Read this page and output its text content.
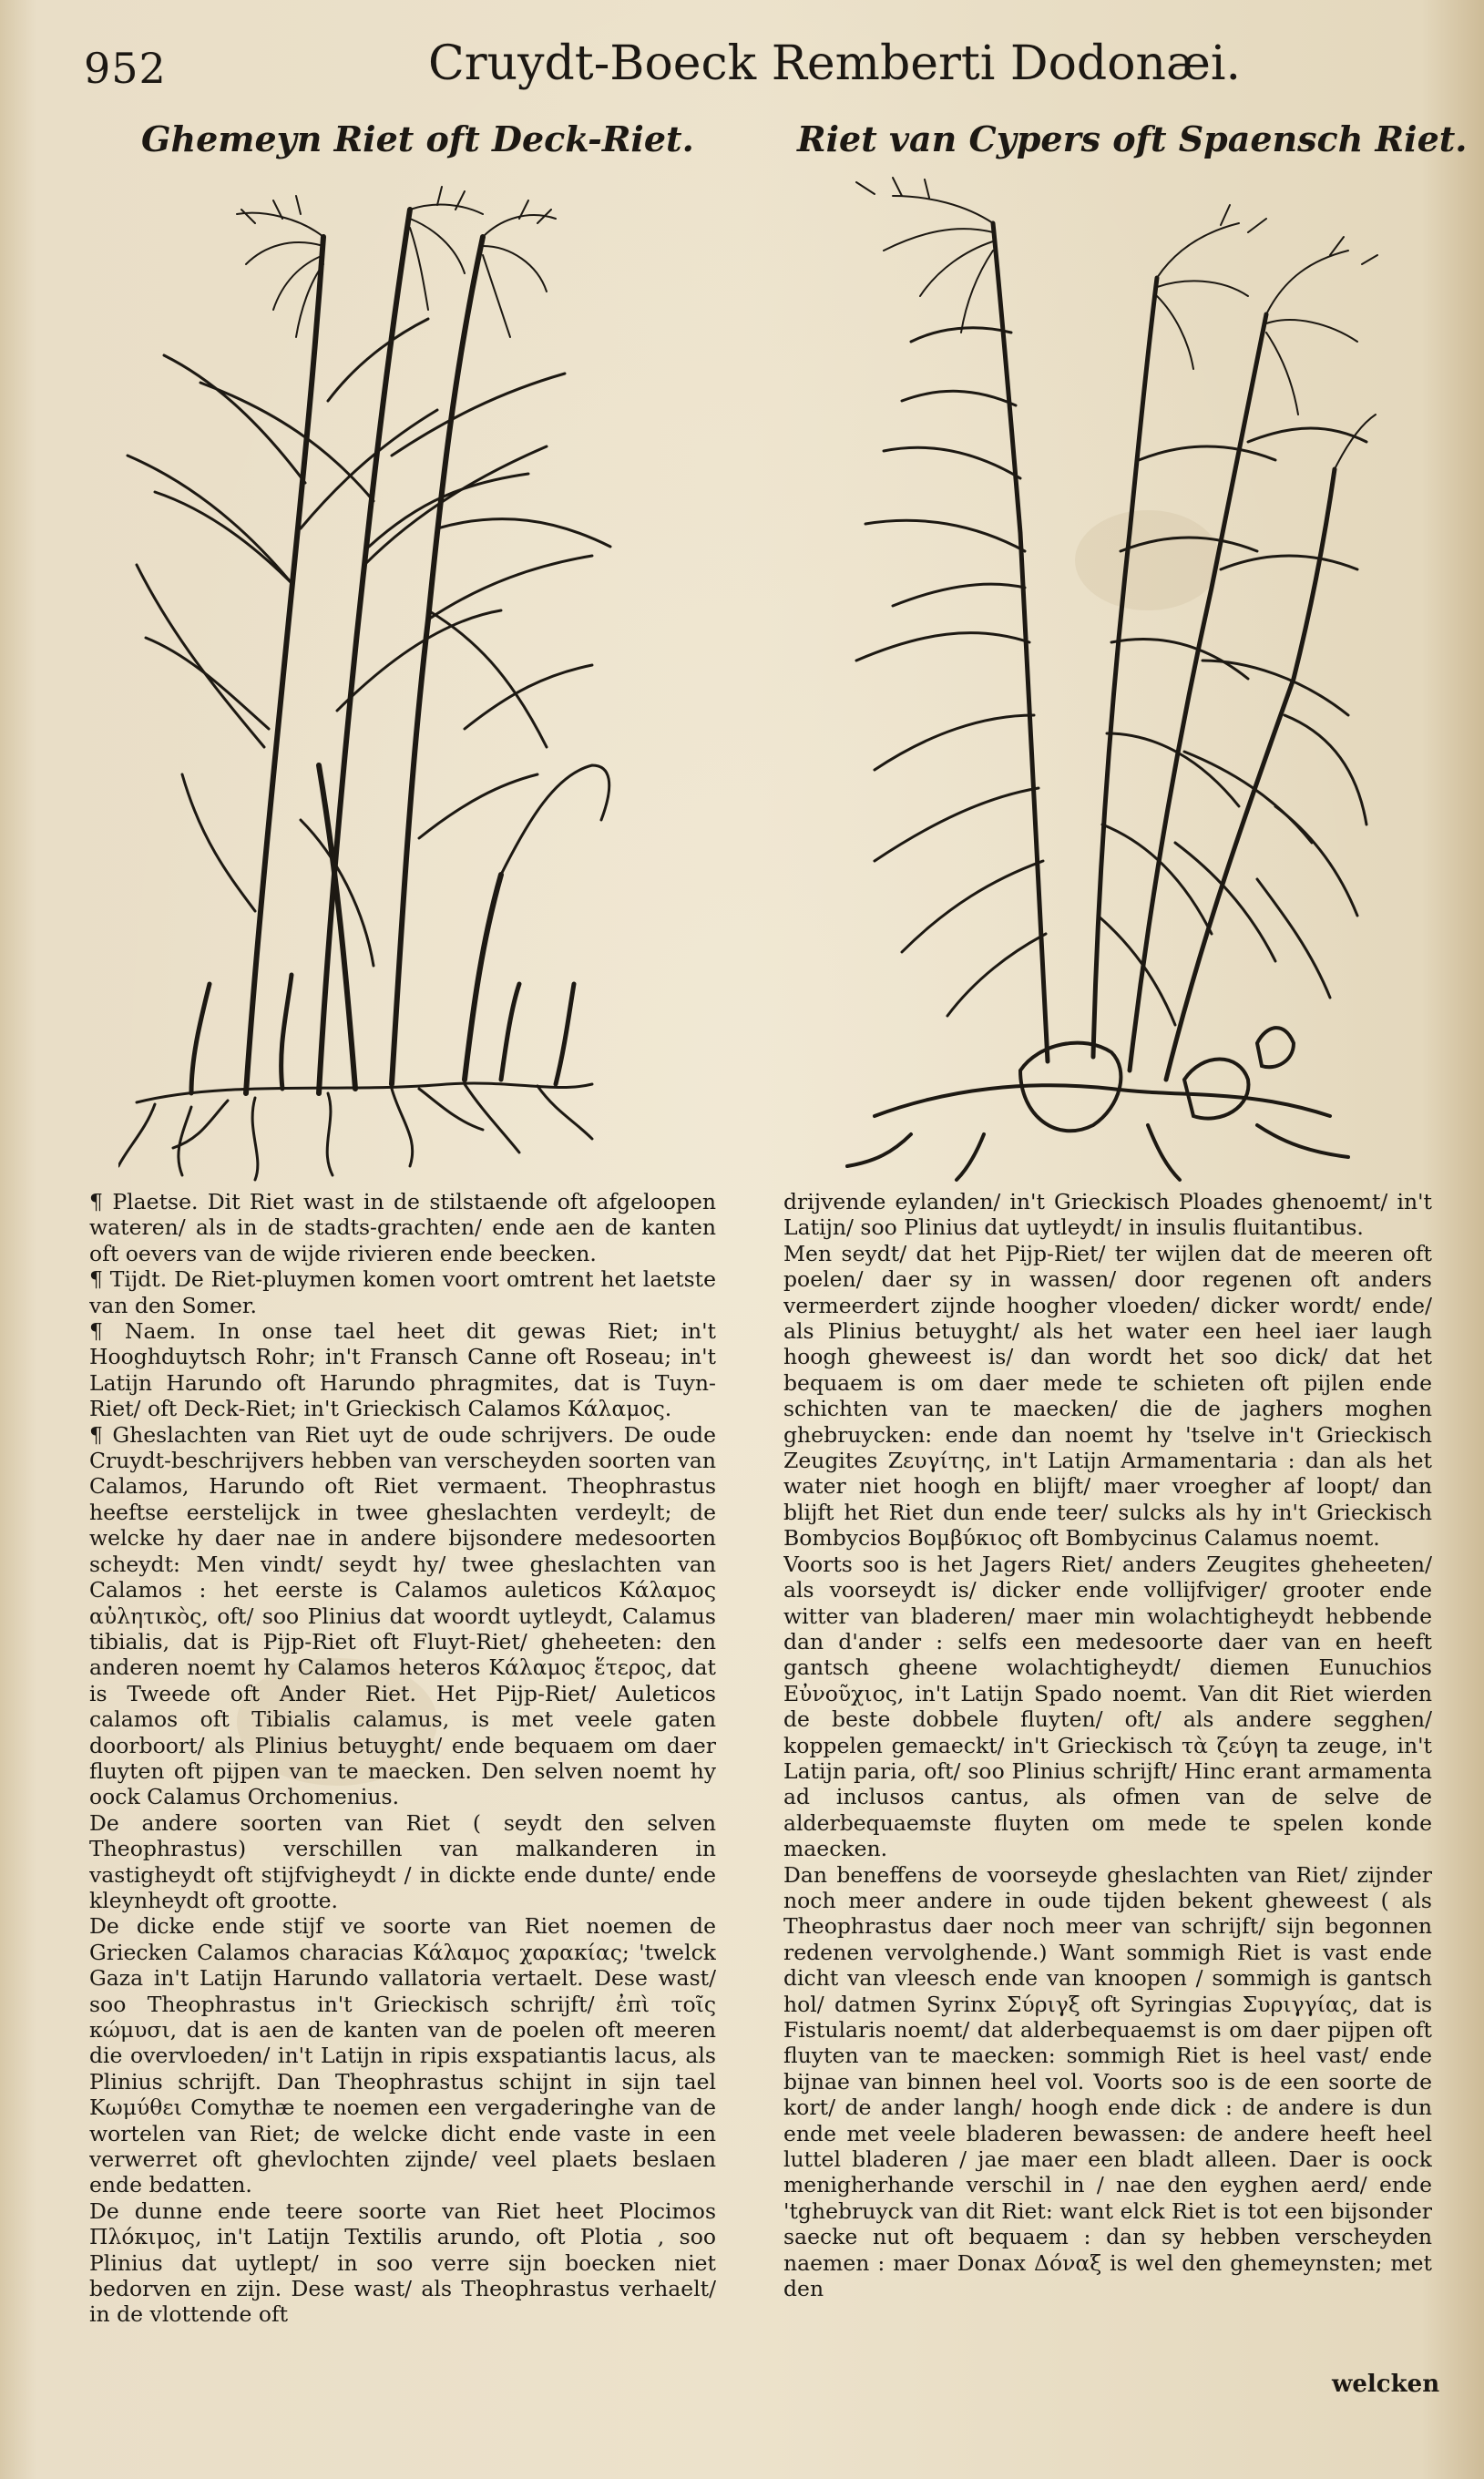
952	Cruydt-Boeck Remberti Dodonæi.
Ghemeyn Riet oft Deck-Riet.	Riet van Cypers oft Spaensch Riet.

¶ Plaetse. Dit Riet wast in de stilstaende oft afgeloopen wateren/ als in de stadts-grachten/ ende aen de kanten oft oevers van de wijde rivieren ende beecken.

¶ Tijdt. De Riet-pluymen komen voort omtrent het laetste van den Somer.

¶ Naem. In onse tael heet dit gewas Riet; in't Hooghduytsch Rohr; in't Fransch Canne oft Roseau; in't Latijn Harundo oft Harundo phragmites, dat is Tuyn-Riet/ oft Deck-Riet; in't Grieckisch Calamos Κάλαμος.

¶ Gheslachten van Riet uyt de oude schrijvers. De oude Cruydt-beschrijvers hebben van verscheyden soorten van Calamos, Harundo oft Riet vermaent. Theophrastus heeftse eerstelijck in twee gheslachten verdeylt; de welcke hy daer nae in andere bijsondere medesoorten scheydt: Men vindt/ seydt hy/ twee gheslachten van Calamos : het eerste is Calamos auleticos Κάλαμος αὐλητικὸς, oft/ soo Plinius dat woordt uytleydt, Calamus tibialis, dat is Pijp-Riet oft Fluyt-Riet/ gheheeten: den anderen noemt hy Calamos heteros Κάλαμος ἕτερος, dat is Tweede oft Ander Riet. Het Pijp-Riet/ Auleticos calamos oft Tibialis calamus, is met veele gaten doorboort/ als Plinius betuyght/ ende bequaem om daer fluyten oft pijpen van te maecken. Den selven noemt hy oock Calamus Orchomenius.

De andere soorten van Riet ( seydt den selven Theophrastus) verschillen van malkanderen in vastigheydt oft stijfvigheydt / in dickte ende dunte/ ende kleynheydt oft grootte.

De dicke ende stijf ve soorte van Riet noemen de Griecken Calamos characias Κάλαμος χαρακίας; 'twelck Gaza in't Latijn Harundo vallatoria vertaelt. Dese wast/ soo Theophrastus in't Grieckisch schrijft/ ἐπὶ τοῖς κώμυσι, dat is aen de kanten van de poelen oft meeren die overvloeden/ in't Latijn in ripis exspatiantis lacus, als Plinius schrijft. Dan Theophrastus schijnt in sijn tael Κωμύθει Comythæ te noemen een vergaderinghe van de wortelen van Riet; de welcke dicht ende vaste in een verwerret oft ghevlochten zijnde/ veel plaets beslaen ende bedatten.

De dunne ende teere soorte van Riet heet Plocimos Πλόκιμος, in't Latijn Textilis arundo, oft Plotia , soo Plinius dat uytlept/ in soo verre sijn boecken niet bedorven en zijn. Dese wast/ als Theophrastus verhaelt/ in de vlottende oft

drijvende eylanden/ in't Grieckisch Ploades ghenoemt/ in't Latijn/ soo Plinius dat uytleydt/ in insulis fluitantibus.

Men seydt/ dat het Pijp-Riet/ ter wijlen dat de meeren oft poelen/ daer sy in wassen/ door regenen oft anders vermeerdert zijnde hoogher vloeden/ dicker wordt/ ende/ als Plinius betuyght/ als het water een heel iaer laugh hoogh gheweest is/ dan wordt het soo dick/ dat het bequaem is om daer mede te schieten oft pijlen ende schichten van te maecken/ die de jaghers moghen ghebruycken: ende dan noemt hy 'tselve in't Grieckisch Zeugites Ζευγίτης, in't Latijn Armamentaria : dan als het water niet hoogh en blijft/ maer vroegher af loopt/ dan blijft het Riet dun ende teer/ sulcks als hy in't Grieckisch Bombycios Βομβύκιος oft Bombycinus Calamus noemt.

Voorts soo is het Jagers Riet/ anders Zeugites gheheeten/ als voorseydt is/ dicker ende vollijfviger/ grooter ende witter van bladeren/ maer min wolachtigheydt hebbende dan d'ander : selfs een medesoorte daer van en heeft gantsch gheene wolachtigheydt/ diemen Eunuchios Εὐνοῦχιος, in't Latijn Spado noemt. Van dit Riet wierden de beste dobbele fluyten/ oft/ als andere segghen/ koppelen gemaeckt/ in't Grieckisch τὰ ζεύγη ta zeuge, in't Latijn paria, oft/ soo Plinius schrijft/ Hinc erant armamenta ad inclusos cantus, als ofmen van de selve de alderbequaemste fluyten om mede te spelen konde maecken.

Dan beneffens de voorseyde gheslachten van Riet/ zijnder noch meer andere in oude tijden bekent gheweest ( als Theophrastus daer noch meer van schrijft/ sijn begonnen redenen vervolghende.) Want sommigh Riet is vast ende dicht van vleesch ende van knoopen / sommigh is gantsch hol/ datmen Syrinx Σύριγξ oft Syringias Συριγγίας, dat is Fistularis noemt/ dat alderbequaemst is om daer pijpen oft fluyten van te maecken: sommigh Riet is heel vast/ ende bijnae van binnen heel vol. Voorts soo is de een soorte de kort/ de ander langh/ hoogh ende dick : de andere is dun ende met veele bladeren bewassen: de andere heeft heel luttel bladeren / jae maer een bladt alleen. Daer is oock menigherhande verschil in / nae den eyghen aerd/ ende 'tghebruyck van dit Riet: want elck Riet is tot een bijsonder saecke nut oft bequaem : dan sy hebben verscheyden naemen : maer Donax Δόναξ is wel den ghemeynsten; met den

welcken
